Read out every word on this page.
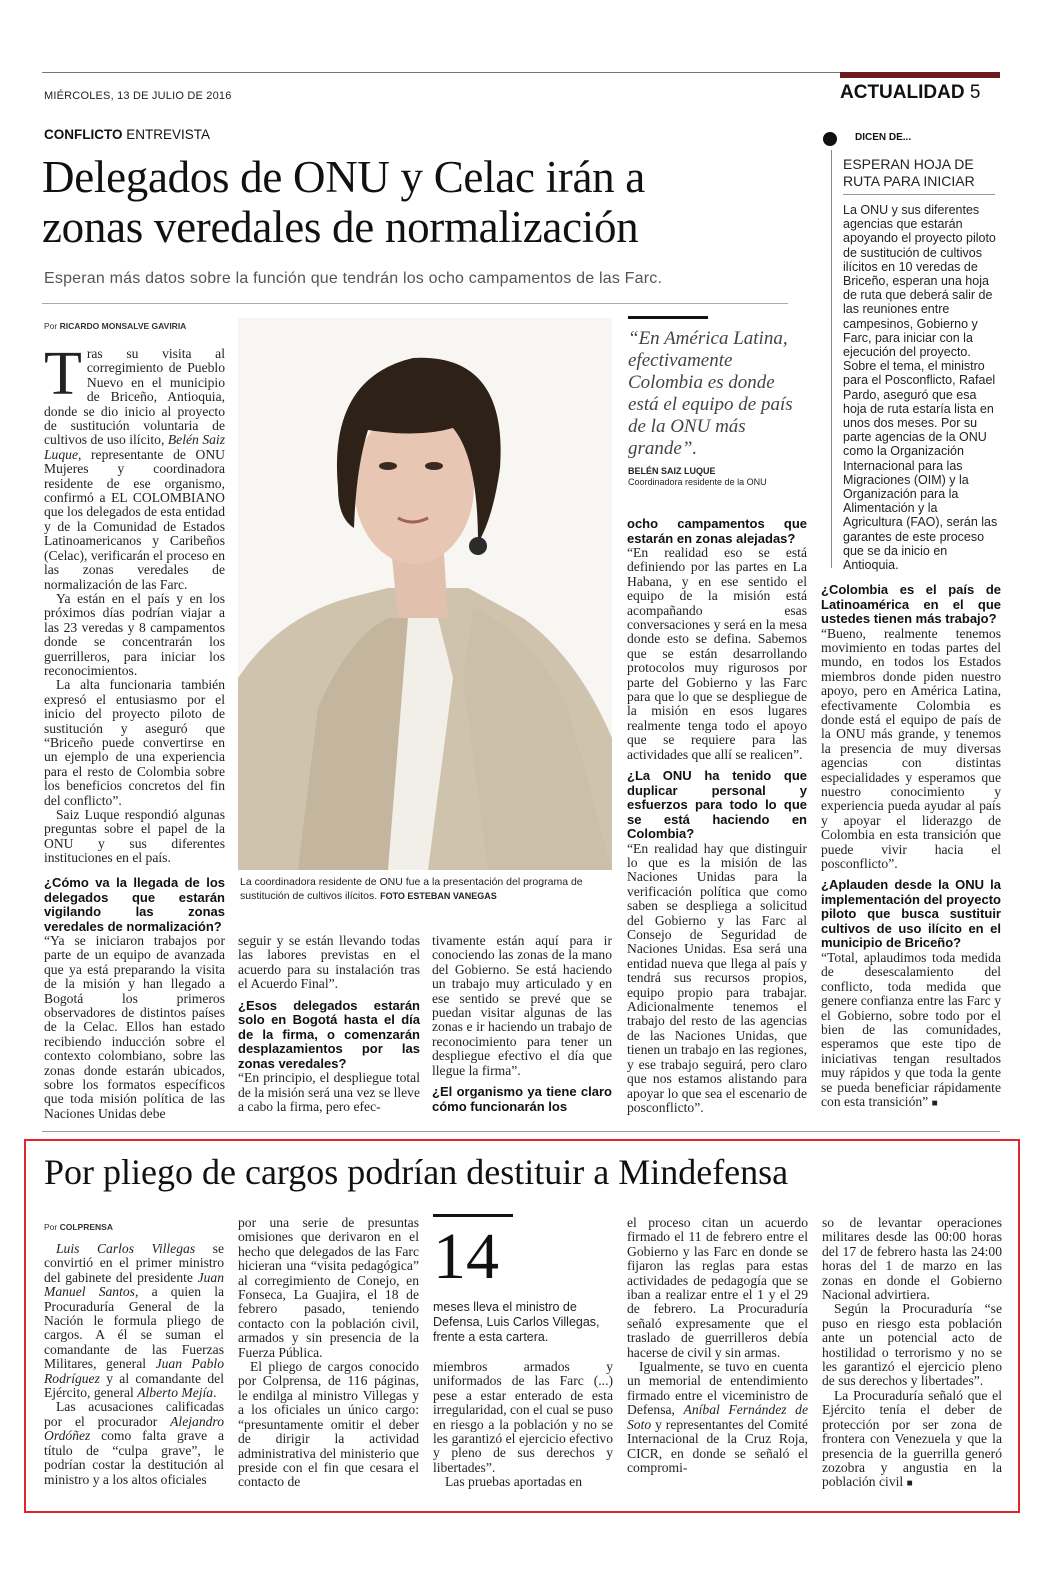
MIÉRCOLES, 13 DE JULIO DE 2016	ACTUALIDAD 5
CONFLICTO ENTREVISTA
Delegados de ONU y Celac irán a
zonas veredales de normalización
Esperan más datos sobre la función que tendrán los ocho campamentos de las Farc.
Por RICARDO MONSALVE GAVIRIA

Tras su visita al corregimiento de Pueblo Nuevo en el municipio de Briceño, Antioquia, donde se dio inicio al proyecto de sustitución voluntaria de cultivos de uso ilícito, Belén Saiz Luque, representante de ONU Mujeres y coordinadora residente de ese organismo, confirmó a EL COLOMBIANO que los delegados de esta entidad y de la Comunidad de Estados Latinoamericanos y Caribeños (Celac), verificarán el proceso en las zonas veredales de normalización de las Farc.

Ya están en el país y en los próximos días podrían viajar a las 23 veredas y 8 campamentos donde se concentrarán los guerrilleros, para iniciar los reconocimientos.

La alta funcionaria también expresó el entusiasmo por el inicio del proyecto piloto de sustitución y aseguró que “Briceño puede convertirse en un ejemplo de una experiencia para el resto de Colombia sobre los beneficios concretos del fin del conflicto”.

Saiz Luque respondió algunas preguntas sobre el papel de la ONU y sus diferentes instituciones en el país.

La coordinadora residente de ONU fue a la presentación del programa de sustitución de cultivos ilícitos. FOTO ESTEBAN VANEGAS

¿Cómo va la llegada de los delegados que estarán vigilando las zonas veredales de normalización?

“Ya se iniciaron trabajos por parte de un equipo de avanzada que ya está preparando la visita de la misión y han llegado a Bogotá los primeros observadores de distintos países de la Celac. Ellos han estado recibiendo inducción sobre el contexto colombiano, sobre las zonas donde estarán ubicados, sobre los formatos específicos que toda misión política de las Naciones Unidas debe

seguir y se están llevando todas las labores previstas en el acuerdo para su instalación tras el Acuerdo Final”.

¿Esos delegados estarán solo en Bogotá hasta el día de la firma, o comenzarán desplazamientos por las zonas veredales?

“En principio, el despliegue total de la misión será una vez se lleve a cabo la firma, pero efec-

tivamente están aquí para ir conociendo las zonas de la mano del Gobierno. Se está haciendo un trabajo muy articulado y en ese sentido se prevé que se puedan visitar algunas de las zonas e ir haciendo un trabajo de reconocimiento para tener un despliegue efectivo el día que llegue la firma”.

¿El organismo ya tiene claro cómo funcionarán los

“En América Latina, efectivamente Colombia es donde está el equipo de país de la ONU más grande”.
BELÉN SAIZ LUQUE
Coordinadora residente de la ONU

ocho campamentos que estarán en zonas alejadas?

“En realidad eso se está definiendo por las partes en La Habana, y en ese sentido el equipo de la misión está acompañando esas conversaciones y será en la mesa donde esto se defina. Sabemos que se están desarrollando protocolos muy rigurosos por parte del Gobierno y las Farc para que lo que se despliegue de la misión en esos lugares realmente tenga todo el apoyo que se requiere para las actividades que allí se realicen”.

¿La ONU ha tenido que duplicar personal y esfuerzos para todo lo que se está haciendo en Colombia?

“En realidad hay que distinguir lo que es la misión de las Naciones Unidas para la verificación política que como saben se despliega a solicitud del Gobierno y las Farc al Consejo de Seguridad de Naciones Unidas. Esa será una entidad nueva que llega al país y tendrá sus recursos propios, equipo propio para trabajar. Adicionalmente tenemos el trabajo del resto de las agencias de las Naciones Unidas, que tienen un trabajo en las regiones, y ese trabajo seguirá, pero claro que nos estamos alistando para apoyar lo que sea el escenario de posconflicto”.

DICEN DE...
ESPERAN HOJA DE RUTA PARA INICIAR
La ONU y sus diferentes agencias que estarán apoyando el proyecto piloto de sustitución de cultivos ilícitos en 10 veredas de Briceño, esperan una hoja de ruta que deberá salir de las reuniones entre campesinos, Gobierno y Farc, para iniciar con la ejecución del proyecto. Sobre el tema, el ministro para el Posconflicto, Rafael Pardo, aseguró que esa hoja de ruta estaría lista en unos dos meses. Por su parte agencias de la ONU como la Organización Internacional para las Migraciones (OIM) y la Organización para la Alimentación y la Agricultura (FAO), serán las garantes de este proceso que se da inicio en Antioquia.

¿Colombia es el país de Latinoamérica en el que ustedes tienen más trabajo?

“Bueno, realmente tenemos movimiento en todas partes del mundo, en todos los Estados miembros donde piden nuestro apoyo, pero en América Latina, efectivamente Colombia es donde está el equipo de país de la ONU más grande, y tenemos la presencia de muy diversas agencias con distintas especialidades y esperamos que nuestro conocimiento y experiencia pueda ayudar al país y apoyar el liderazgo de Colombia en esta transición que puede vivir hacia el posconflicto”.

¿Aplauden desde la ONU la implementación del proyecto piloto que busca sustituir cultivos de uso ilícito en el municipio de Briceño?

“Total, aplaudimos toda medida de desescalamiento del conflicto, toda medida que genere confianza entre las Farc y el Gobierno, sobre todo por el bien de las comunidades, esperamos que este tipo de iniciativas tengan resultados muy rápidos y que toda la gente se pueda beneficiar rápidamente con esta transición” ■

Por pliego de cargos podrían destituir a Mindefensa
Por COLPRENSA

Luis Carlos Villegas se convirtió en el primer ministro del gabinete del presidente Juan Manuel Santos, a quien la Procuraduría General de la Nación le formula pliego de cargos. A él se suman el comandante de las Fuerzas Militares, general Juan Pablo Rodríguez y al comandante del Ejército, general Alberto Mejía.

Las acusaciones calificadas por el procurador Alejandro Ordóñez como falta grave a título de “culpa grave”, le podrían costar la destitución al ministro y a los altos oficiales

por una serie de presuntas omisiones que derivaron en el hecho que delegados de las Farc hicieran una “visita pedagógica” al corregimiento de Conejo, en Fonseca, La Guajira, el 18 de febrero pasado, teniendo contacto con la población civil, armados y sin presencia de la Fuerza Pública.

El pliego de cargos conocido por Colprensa, de 116 páginas, le endilga al ministro Villegas y a los oficiales un único cargo: “presuntamente omitir el deber de dirigir la actividad administrativa del ministerio que preside con el fin que cesara el contacto de

14
meses lleva el ministro de Defensa, Luis Carlos Villegas, frente a esta cartera.

miembros armados y uniformados de las Farc (...) pese a estar enterado de esta irregularidad, con el cual se puso en riesgo a la población y no se les garantizó el ejercicio efectivo y pleno de sus derechos y libertades”.

Las pruebas aportadas en

el proceso citan un acuerdo firmado el 11 de febrero entre el Gobierno y las Farc en donde se fijaron las reglas para estas actividades de pedagogía que se iban a realizar entre el 1 y el 29 de febrero. La Procuraduría señaló expresamente que el traslado de guerrilleros debía hacerse de civil y sin armas.

Igualmente, se tuvo en cuenta un memorial de entendimiento firmado entre el viceministro de Defensa, Aníbal Fernández de Soto y representantes del Comité Internacional de la Cruz Roja, CICR, en donde se señaló el compromi-

so de levantar operaciones militares desde las 00:00 horas del 17 de febrero hasta las 24:00 horas del 1 de marzo en las zonas en donde el Gobierno Nacional advirtiera.

Según la Procuraduría “se puso en riesgo esta población ante un potencial acto de hostilidad o terrorismo y no se les garantizó el ejercicio pleno de sus derechos y libertades”.

La Procuraduría señaló que el Ejército tenía el deber de protección por ser zona de frontera con Venezuela y que la presencia de la guerrilla generó zozobra y angustia en la población civil ■
